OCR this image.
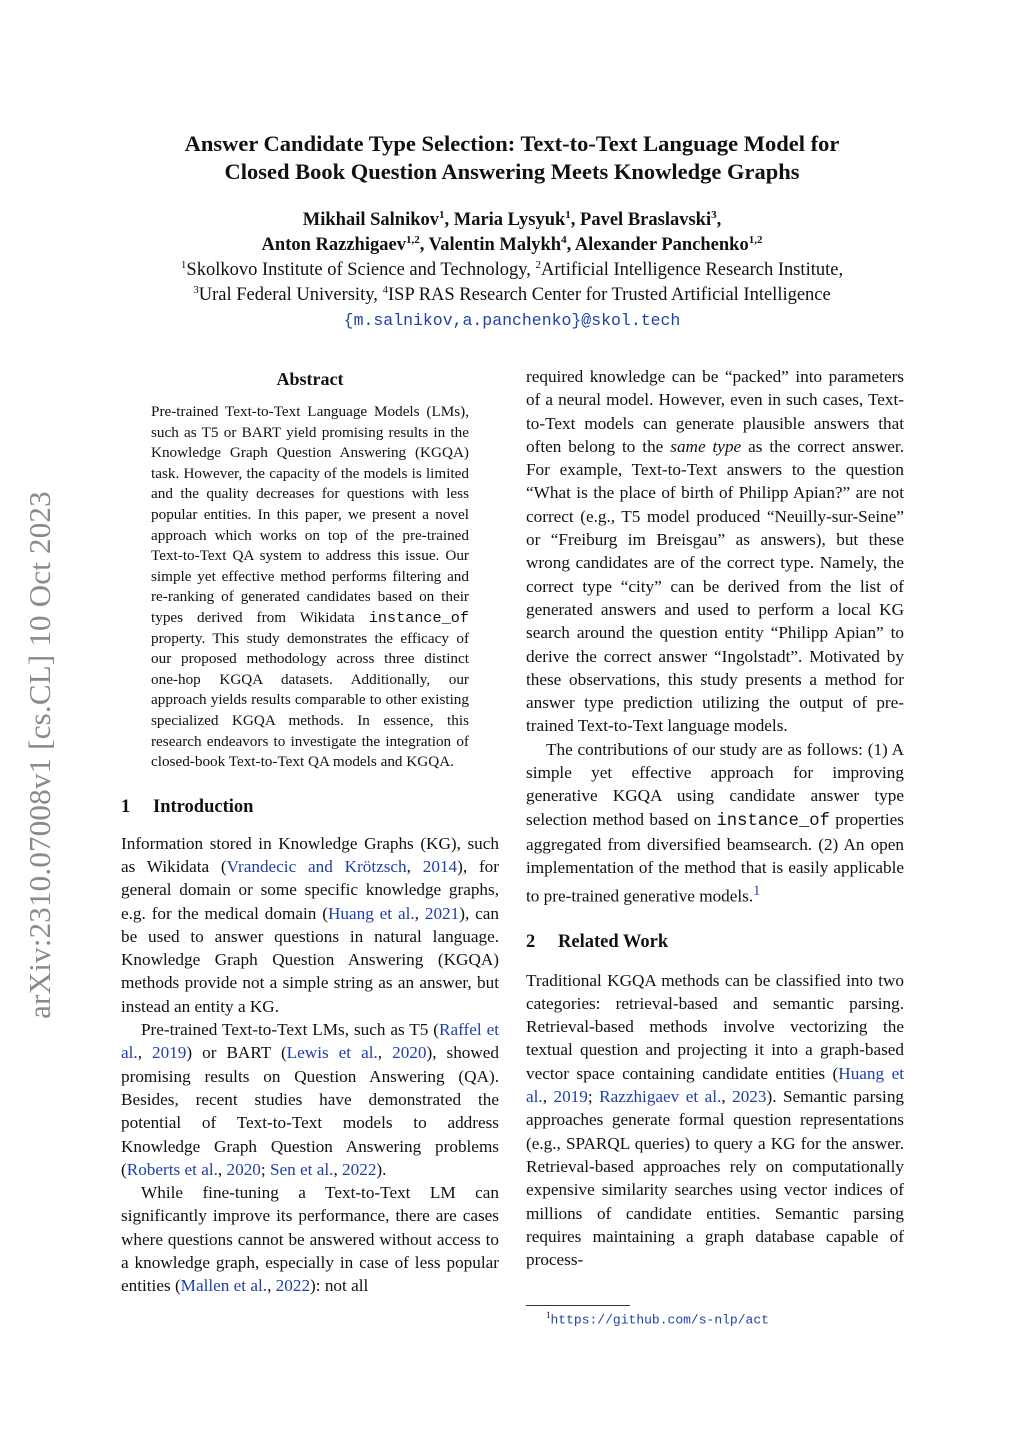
arXiv:2310.07008v1 [cs.CL] 10 Oct 2023
Answer Candidate Type Selection: Text-to-Text Language Model for
Closed Book Question Answering Meets Knowledge Graphs
Mikhail Salnikov$^1$, Maria Lysyuk$^1$, Pavel Braslavski$^3$,
Anton Razzhigaev$^{1,2}$, Valentin Malykh$^4$, Alexander Panchenko$^{1,2}$
$^1$Skolkovo Institute of Science and Technology, $^2$Artificial Intelligence Research Institute,
$^3$Ural Federal University, $^4$ISP RAS Research Center for Trusted Artificial Intelligence
{m.salnikov,a.panchenko}@skol.tech
Abstract

Pre-trained Text-to-Text Language Models (LMs), such as T5 or BART yield promising results in the Knowledge Graph Question Answering (KGQA) task. However, the capacity of the models is limited and the quality decreases for questions with less popular entities. In this paper, we present a novel approach which works on top of the pre-trained Text-to-Text QA system to address this issue. Our simple yet effective method performs filtering and re-ranking of generated candidates based on their types derived from Wikidata instance_of property. This study demonstrates the efficacy of our proposed methodology across three distinct one-hop KGQA datasets. Additionally, our approach yields results comparable to other existing specialized KGQA methods. In essence, this research endeavors to investigate the integration of closed-book Text-to-Text QA models and KGQA.

1 Introduction

Information stored in Knowledge Graphs (KG), such as Wikidata (Vrandecic and Krötzsch, 2014), for general domain or some specific knowledge graphs, e.g. for the medical domain (Huang et al., 2021), can be used to answer questions in natural language. Knowledge Graph Question Answering (KGQA) methods provide not a simple string as an answer, but instead an entity a KG.

Pre-trained Text-to-Text LMs, such as T5 (Raffel et al., 2019) or BART (Lewis et al., 2020), showed promising results on Question Answering (QA). Besides, recent studies have demonstrated the potential of Text-to-Text models to address Knowledge Graph Question Answering problems (Roberts et al., 2020; Sen et al., 2022).

While fine-tuning a Text-to-Text LM can significantly improve its performance, there are cases where questions cannot be answered without access to a knowledge graph, especially in case of less popular entities (Mallen et al., 2022): not all

required knowledge can be “packed” into parameters of a neural model. However, even in such cases, Text-to-Text models can generate plausible answers that often belong to the same type as the correct answer. For example, Text-to-Text answers to the question “What is the place of birth of Philipp Apian?” are not correct (e.g., T5 model produced “Neuilly-sur-Seine” or “Freiburg im Breisgau” as answers), but these wrong candidates are of the correct type. Namely, the correct type “city” can be derived from the list of generated answers and used to perform a local KG search around the question entity “Philipp Apian” to derive the correct answer “Ingolstadt”. Motivated by these observations, this study presents a method for answer type prediction utilizing the output of pre-trained Text-to-Text language models.

The contributions of our study are as follows: (1) A simple yet effective approach for improving generative KGQA using candidate answer type selection method based on instance_of properties aggregated from diversified beamsearch. (2) An open implementation of the method that is easily applicable to pre-trained generative models.$^1$

2 Related Work

Traditional KGQA methods can be classified into two categories: retrieval-based and semantic parsing. Retrieval-based methods involve vectorizing the textual question and projecting it into a graph-based vector space containing candidate entities (Huang et al., 2019; Razzhigaev et al., 2023). Semantic parsing approaches generate formal question representations (e.g., SPARQL queries) to query a KG for the answer. Retrieval-based approaches rely on computationally expensive similarity searches using vector indices of millions of candidate entities. Semantic parsing requires maintaining a graph database capable of process-

$^1$https://github.com/s-nlp/act
